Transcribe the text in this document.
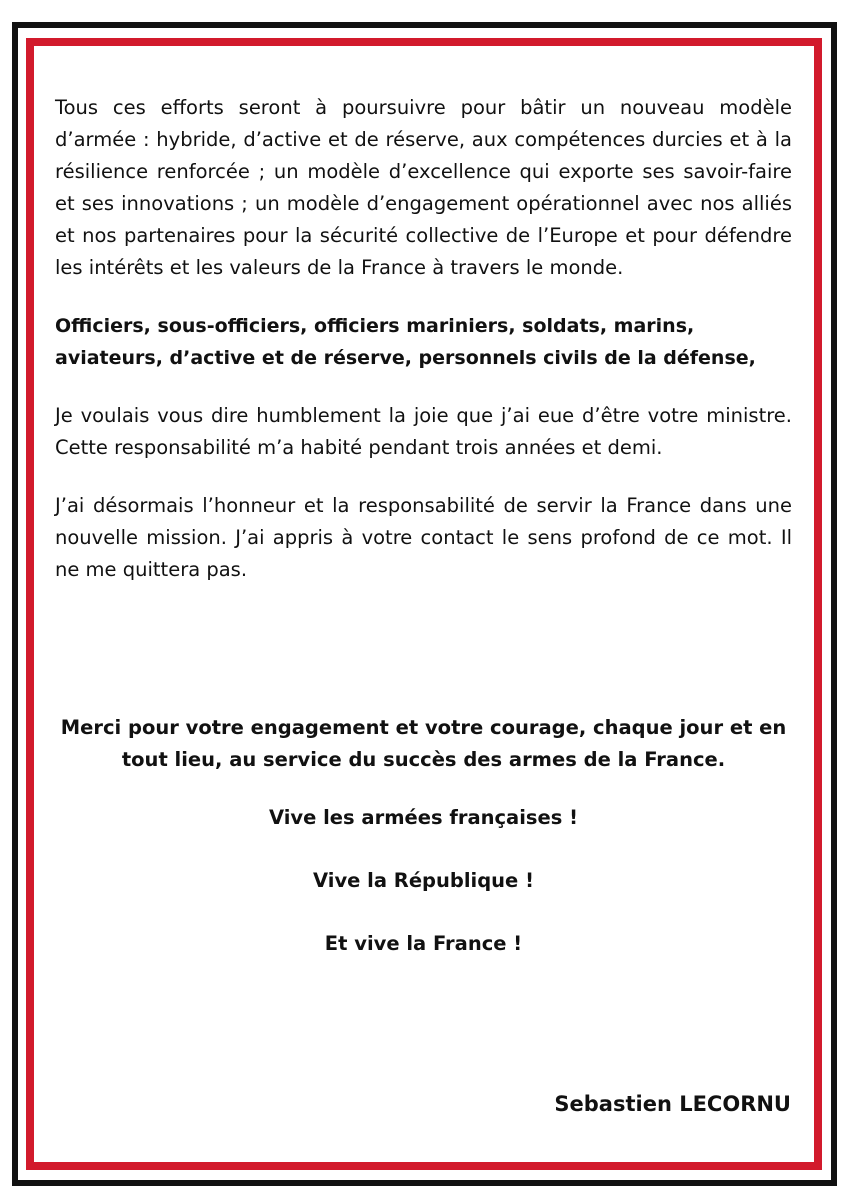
Tous ces efforts seront à poursuivre pour bâtir un nouveau modèle d’armée : hybride, d’active et de réserve, aux compétences durcies et à la résilience renforcée ; un modèle d’excellence qui exporte ses savoir-faire et ses innovations ; un modèle d’engagement opérationnel avec nos alliés et nos partenaires pour la sécurité collective de l’Europe et pour défendre les intérêts et les valeurs de la France à travers le monde.

Officiers, sous-officiers, officiers mariniers, soldats, marins, aviateurs, d’active et de réserve, personnels civils de la défense,

Je voulais vous dire humblement la joie que j’ai eue d’être votre ministre. Cette responsabilité m’a habité pendant trois années et demi.

J’ai désormais l’honneur et la responsabilité de servir la France dans une nouvelle mission. J’ai appris à votre contact le sens profond de ce mot. Il ne me quittera pas.

Merci pour votre engagement et votre courage, chaque jour et en tout lieu, au service du succès des armes de la France.

Vive les armées françaises !

Vive la République !

Et vive la France !

Sebastien LECORNU
